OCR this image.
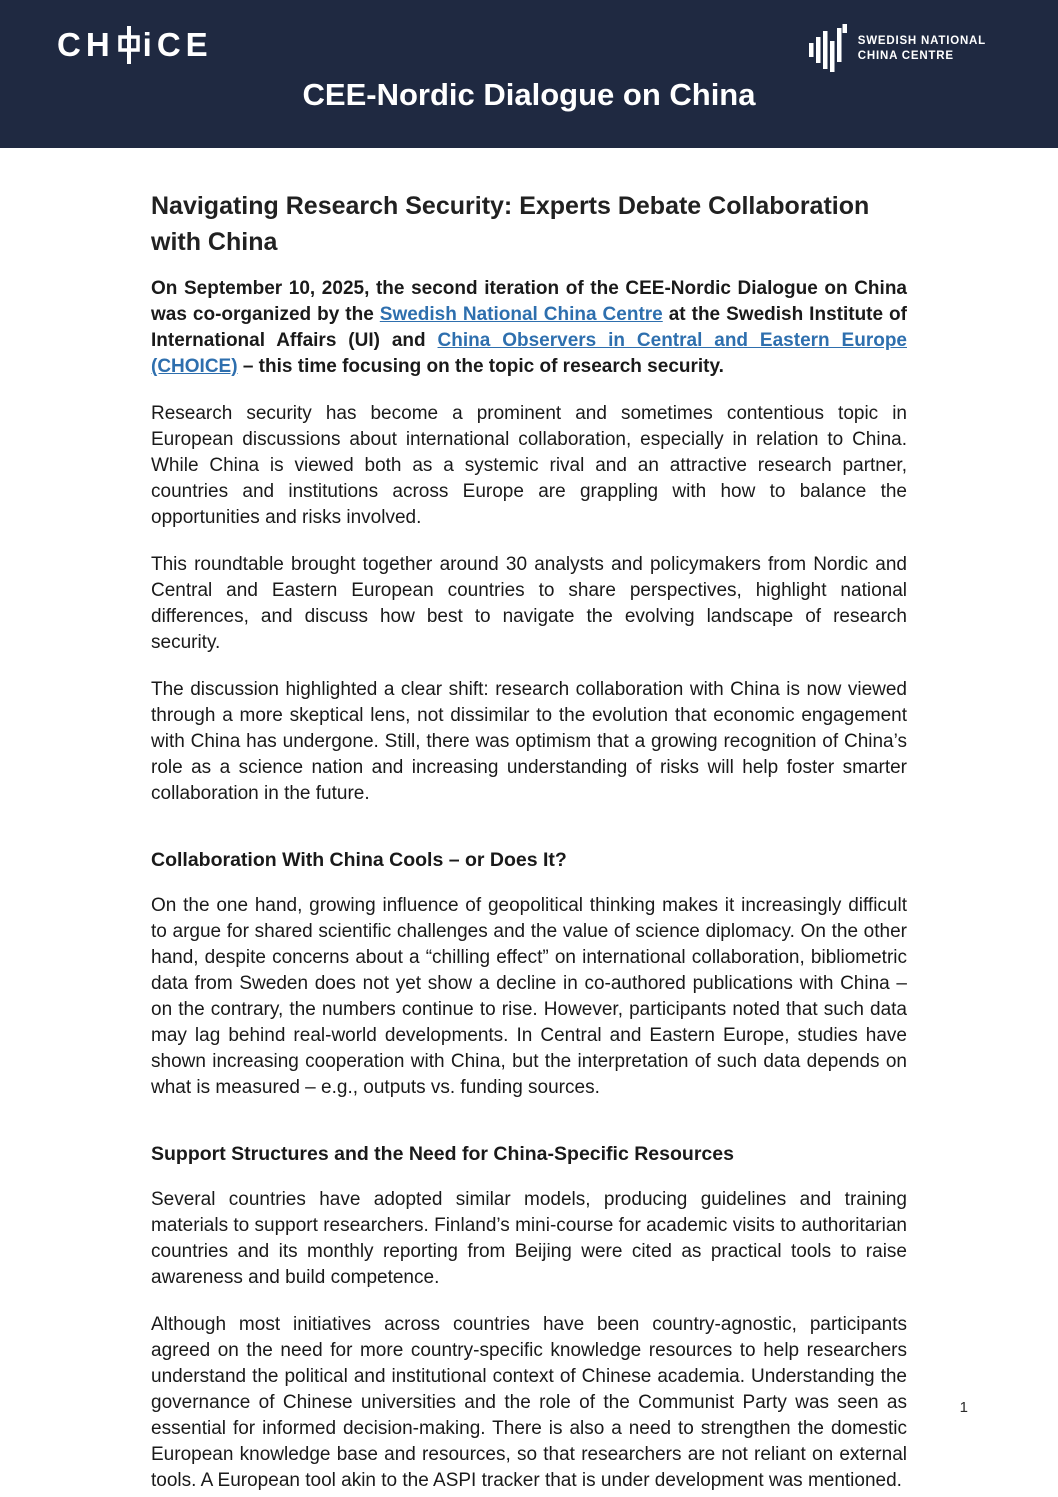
CH iCE	SWEDISH NATIONAL
CHINA CENTRE
CEE-Nordic Dialogue on China
Navigating Research Security: Experts Debate Collaboration with China

On September 10, 2025, the second iteration of the CEE-Nordic Dialogue on China was co-organized by the Swedish National China Centre at the Swedish Institute of International Affairs (UI) and China Observers in Central and Eastern Europe (CHOICE) – this time focusing on the topic of research security.

Research security has become a prominent and sometimes contentious topic in European discussions about international collaboration, especially in relation to China. While China is viewed both as a systemic rival and an attractive research partner, countries and institutions across Europe are grappling with how to balance the opportunities and risks involved.

This roundtable brought together around 30 analysts and policymakers from Nordic and Central and Eastern European countries to share perspectives, highlight national differences, and discuss how best to navigate the evolving landscape of research security.

The discussion highlighted a clear shift: research collaboration with China is now viewed through a more skeptical lens, not dissimilar to the evolution that economic engagement with China has undergone. Still, there was optimism that a growing recognition of China’s role as a science nation and increasing understanding of risks will help foster smarter collaboration in the future.

Collaboration With China Cools – or Does It?

On the one hand, growing influence of geopolitical thinking makes it increasingly difficult to argue for shared scientific challenges and the value of science diplomacy. On the other hand, despite concerns about a “chilling effect” on international collaboration, bibliometric data from Sweden does not yet show a decline in co-authored publications with China – on the contrary, the numbers continue to rise. However, participants noted that such data may lag behind real-world developments. In Central and Eastern Europe, studies have shown increasing cooperation with China, but the interpretation of such data depends on what is measured – e.g., outputs vs. funding sources.

Support Structures and the Need for China-Specific Resources

Several countries have adopted similar models, producing guidelines and training materials to support researchers. Finland’s mini-course for academic visits to authoritarian countries and its monthly reporting from Beijing were cited as practical tools to raise awareness and build competence.

Although most initiatives across countries have been country-agnostic, participants agreed on the need for more country-specific knowledge resources to help researchers understand the political and institutional context of Chinese academia. Understanding the governance of Chinese universities and the role of the Communist Party was seen as essential for informed decision-making. There is also a need to strengthen the domestic European knowledge base and resources, so that researchers are not reliant on external tools. A European tool akin to the ASPI tracker that is under development was mentioned.

1
